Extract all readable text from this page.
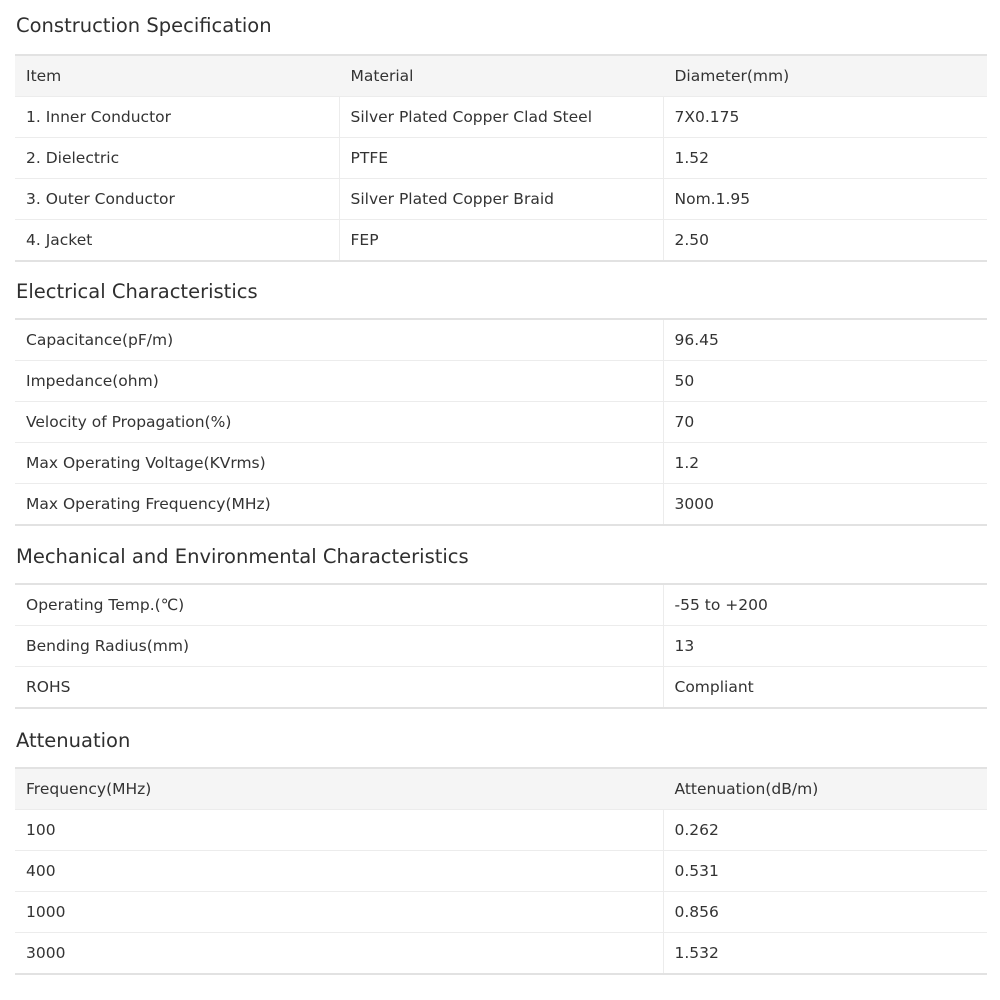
Construction Specification
Item	Material	Diameter(mm)
1. Inner Conductor	Silver Plated Copper Clad Steel	7X0.175
2. Dielectric	PTFE	1.52
3. Outer Conductor	Silver Plated Copper Braid	Nom.1.95
4. Jacket	FEP	2.50
Electrical Characteristics
Capacitance(pF/m)	96.45
Impedance(ohm)	50
Velocity of Propagation(%)	70
Max Operating Voltage(KVrms)	1.2
Max Operating Frequency(MHz)	3000
Mechanical and Environmental Characteristics
Operating Temp.(℃)	-55 to +200
Bending Radius(mm)	13
ROHS	Compliant
Attenuation
Frequency(MHz)	Attenuation(dB/m)
100	0.262
400	0.531
1000	0.856
3000	1.532
